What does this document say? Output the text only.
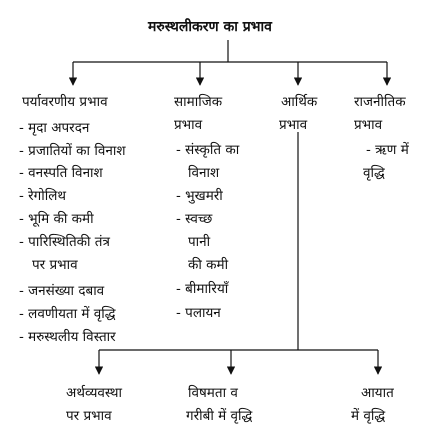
मरुस्थलीकरण का प्रभाव
पर्यावरणीय प्रभाव
- मृदा अपरदन
- प्रजातियों का विनाश
- वनस्पति विनाश
- रेगोलिथ
- भूमि की कमी
- पारिस्थितिकी तंत्र
पर प्रभाव
- जनसंख्या दबाव
- लवणीयता में वृद्धि
- मरुस्थलीय विस्तार
सामाजिक
प्रभाव
- संस्कृति का
विनाश
- भुखमरी
- स्वच्छ
पानी
की कमी
- बीमारियाँ
- पलायन
आर्थिक
प्रभाव
राजनीतिक
प्रभाव
- ऋण में
वृद्धि
अर्थव्यवस्था
पर प्रभाव
विषमता व
गरीबी में वृद्धि
आयात
में वृद्धि
